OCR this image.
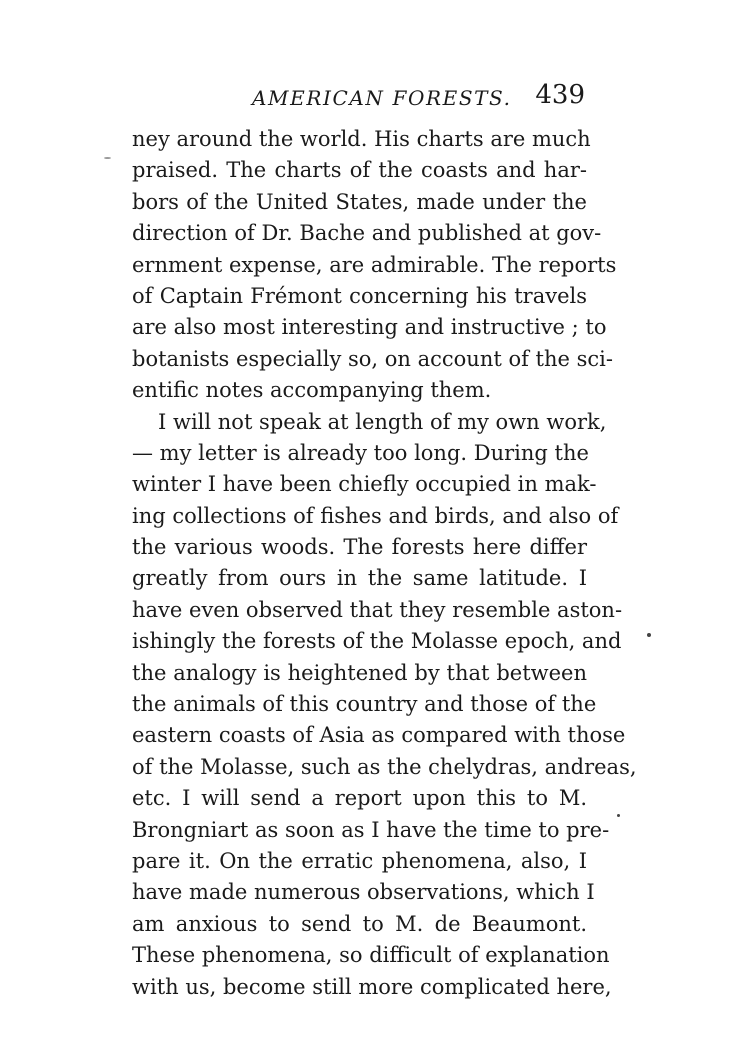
AMERICAN FORESTS. 439
ney around the world. His charts are much
praised. The charts of the coasts and har-
bors of the United States, made under the
direction of Dr. Bache and published at gov-
ernment expense, are admirable. The reports
of Captain Frémont concerning his travels
are also most interesting and instructive ; to
botanists especially so, on account of the sci-
entific notes accompanying them.
I will not speak at length of my own work,
— my letter is already too long. During the
winter I have been chiefly occupied in mak-
ing collections of fishes and birds, and also of
the various woods. The forests here differ
greatly from ours in the same latitude. I
have even observed that they resemble aston-
ishingly the forests of the Molasse epoch, and
the analogy is heightened by that between
the animals of this country and those of the
eastern coasts of Asia as compared with those
of the Molasse, such as the chelydras, andreas,
etc. I will send a report upon this to M.
Brongniart as soon as I have the time to pre-
pare it. On the erratic phenomena, also, I
have made numerous observations, which I
am anxious to send to M. de Beaumont.
These phenomena, so difficult of explanation
with us, become still more complicated here,
